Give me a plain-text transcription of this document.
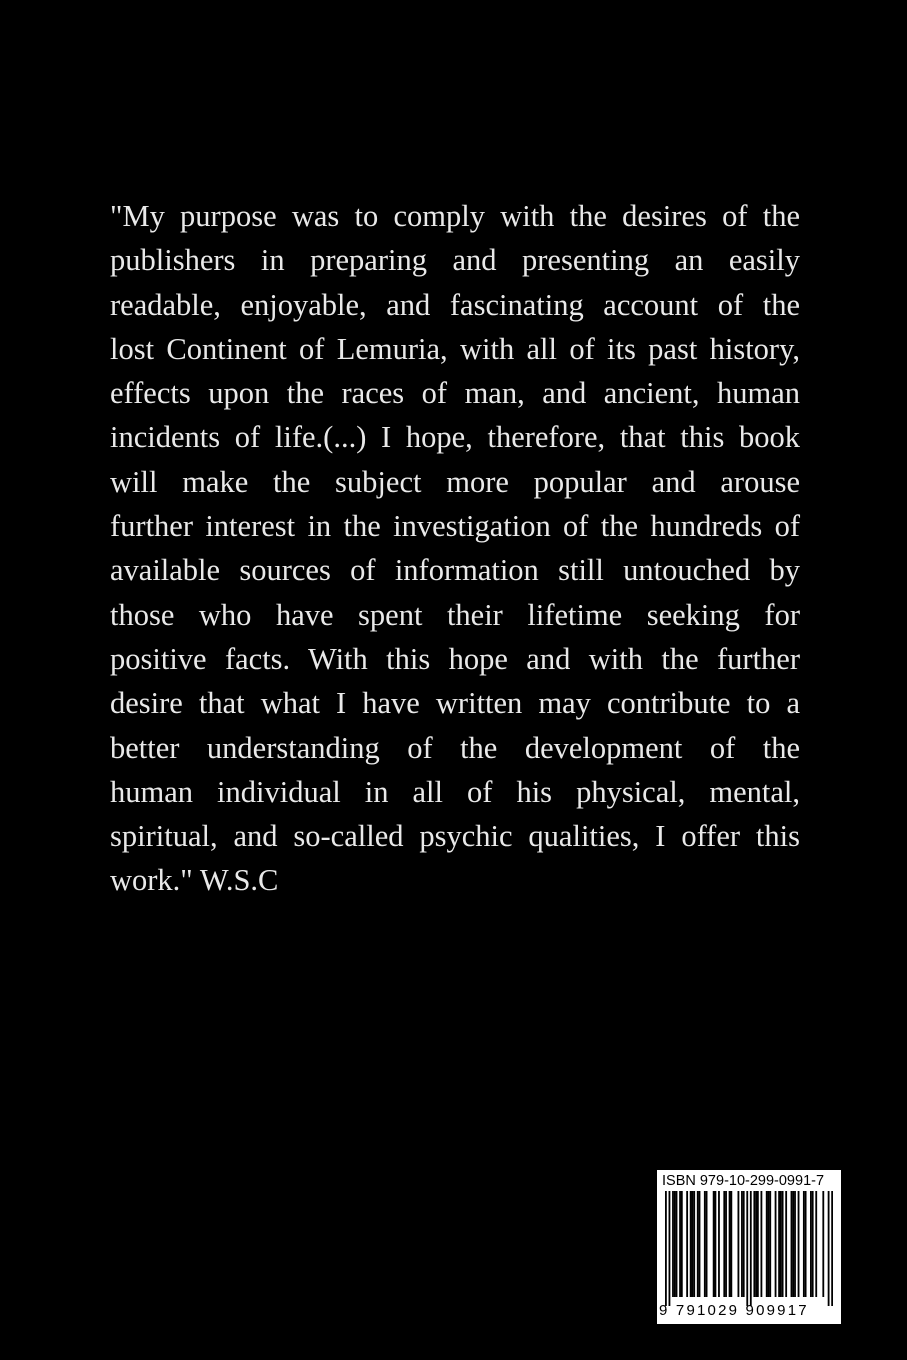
"My purpose was to comply with the desires of the
publishers in preparing and presenting an easily
readable, enjoyable, and fascinating account of the
lost Continent of Lemuria, with all of its past history,
effects upon the races of man, and ancient, human
incidents of life.(...) I hope, therefore, that this book
will make the subject more popular and arouse
further interest in the investigation of the hundreds of
available sources of information still untouched by
those who have spent their lifetime seeking for
positive facts. With this hope and with the further
desire that what I have written may contribute to a
better understanding of the development of the
human individual in all of his physical, mental,
spiritual, and so-called psychic qualities, I offer this
work." W.S.C
ISBN 979-10-299-0991-7
9 791029 909917
